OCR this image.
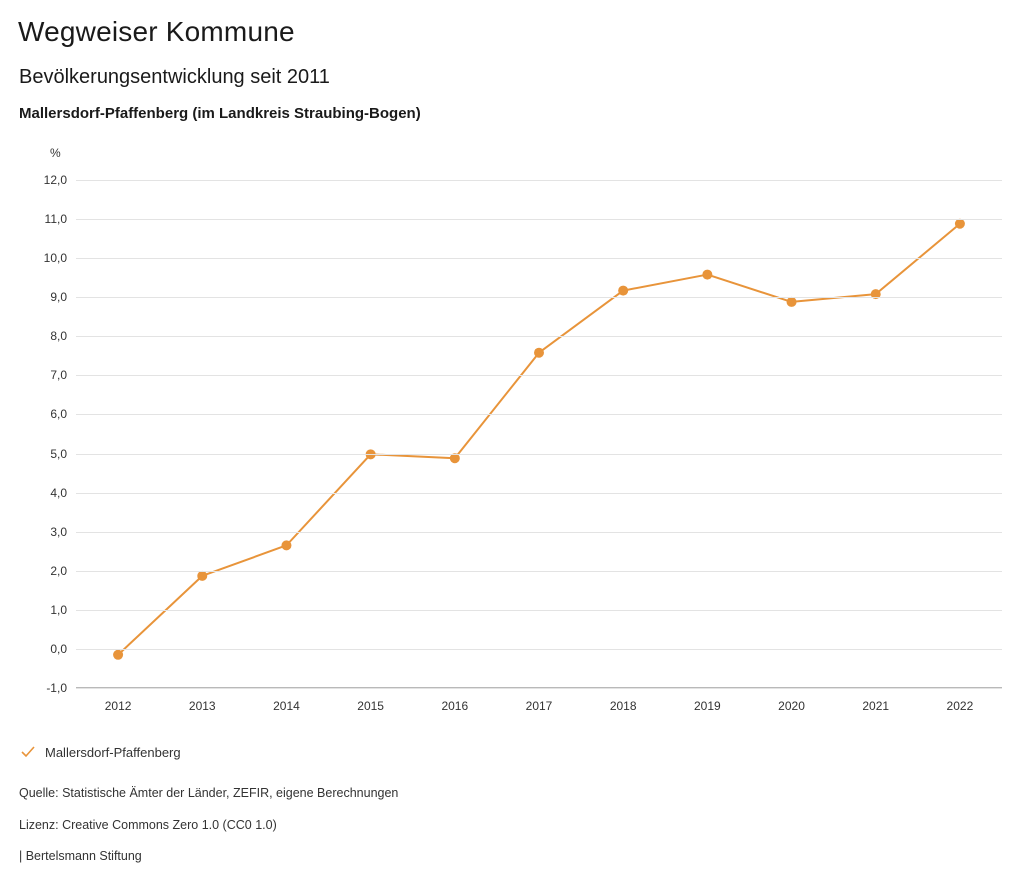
Wegweiser Kommune
Bevölkerungsentwicklung seit 2011
Mallersdorf-Pfaffenberg (im Landkreis Straubing-Bogen)
%
12,0
11,0
10,0
9,0
8,0
7,0
6,0
5,0
4,0
3,0
2,0
1,0
0,0
-1,0
2012	2013	2014	2015	2016	2017	2018	2019	2020	2021	2022
Mallersdorf-Pfaffenberg
Quelle: Statistische Ämter der Länder, ZEFIR, eigene Berechnungen
Lizenz: Creative Commons Zero 1.0 (CC0 1.0)
| Bertelsmann Stiftung
